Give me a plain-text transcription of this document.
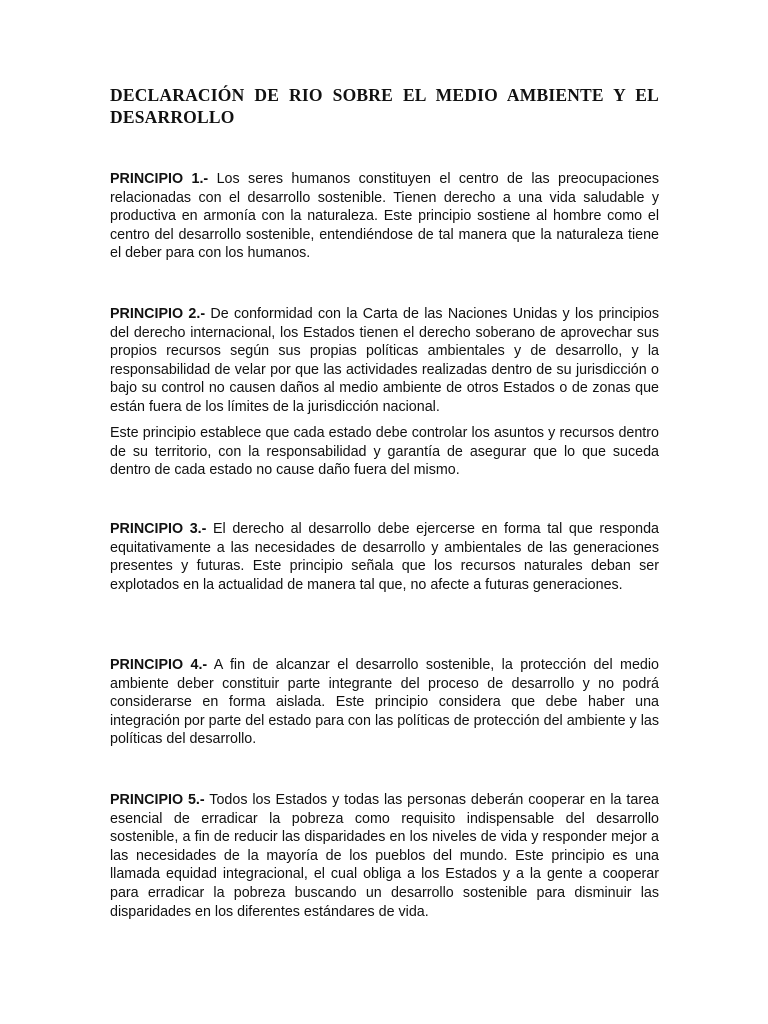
DECLARACIÓN DE RIO SOBRE EL MEDIO AMBIENTE Y EL DESARROLLO

PRINCIPIO 1.- Los seres humanos constituyen el centro de las preocupaciones relacionadas con el desarrollo sostenible. Tienen derecho a una vida saludable y productiva en armonía con la naturaleza. Este principio sostiene al hombre como el centro del desarrollo sostenible, entendiéndose de tal manera que la naturaleza tiene el deber para con los humanos.

PRINCIPIO 2.- De conformidad con la Carta de las Naciones Unidas y los principios del derecho internacional, los Estados tienen el derecho soberano de aprovechar sus propios recursos según sus propias políticas ambientales y de desarrollo, y la responsabilidad de velar por que las actividades realizadas dentro de su jurisdicción o bajo su control no causen daños al medio ambiente de otros Estados o de zonas que están fuera de los límites de la jurisdicción nacional.

Este principio establece que cada estado debe controlar los asuntos y recursos dentro de su territorio, con la responsabilidad y garantía de asegurar que lo que suceda dentro de cada estado no cause daño fuera del mismo.

PRINCIPIO 3.- El derecho al desarrollo debe ejercerse en forma tal que responda equitativamente a las necesidades de desarrollo y ambientales de las generaciones presentes y futuras. Este principio señala que los recursos naturales deban ser explotados en la actualidad de manera tal que, no afecte a futuras generaciones.

PRINCIPIO 4.- A fin de alcanzar el desarrollo sostenible, la protección del medio ambiente deber constituir parte integrante del proceso de desarrollo y no podrá considerarse en forma aislada. Este principio considera que debe haber una integración por parte del estado para con las políticas de protección del ambiente y las políticas del desarrollo.

PRINCIPIO 5.- Todos los Estados y todas las personas deberán cooperar en la tarea esencial de erradicar la pobreza como requisito indispensable del desarrollo sostenible, a fin de reducir las disparidades en los niveles de vida y responder mejor a las necesidades de la mayoría de los pueblos del mundo. Este principio es una llamada equidad integracional, el cual obliga a los Estados y a la gente a cooperar para erradicar la pobreza buscando un desarrollo sostenible para disminuir las disparidades en los diferentes estándares de vida.
